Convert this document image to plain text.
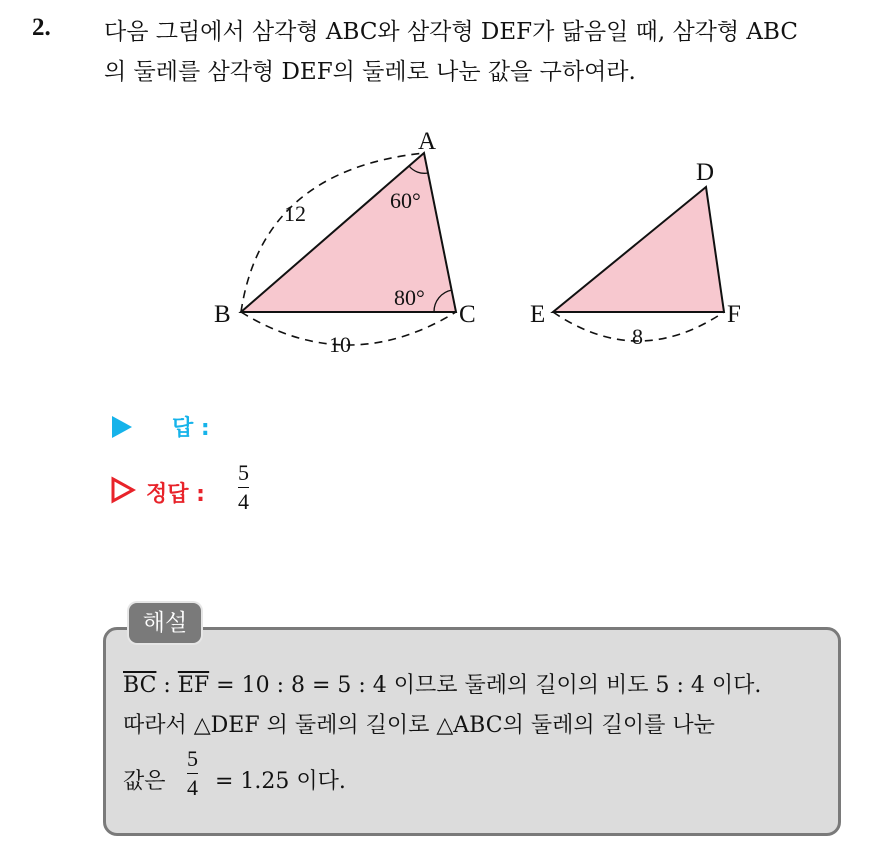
2. 다음 그림에서 삼각형 ABC와 삼각형 DEF가 닮음일 때, 삼각형 ABC
의 둘레를 삼각형 DEF의 둘레로 나눈 값을 구하여라.
A
B	C
D
E	F
60°
80°
12
10	8
답 :
정답 :
5
4
해설
$\overline{BC}$ : $\overline{EF} = 10$ : 8 = 5 : 4 이므로 둘레의 길이의 비도 5 : 4 이다.
따라서 △DEF 의 둘레의 길이로 △ABC의 둘레의 길이를 나눈
값은
5
4 = 1.25 이다.
